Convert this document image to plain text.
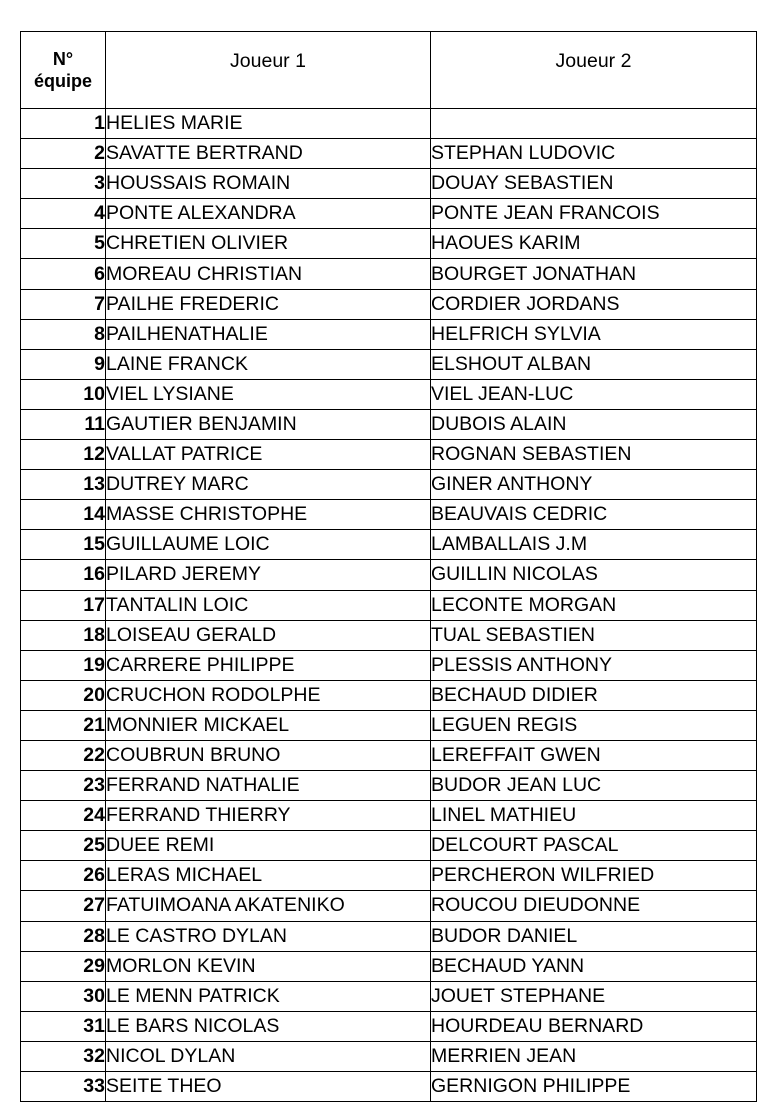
N°
équipe	Joueur 1	Joueur 2
1	HELIES MARIE	
2	SAVATTE BERTRAND	STEPHAN LUDOVIC
3	HOUSSAIS ROMAIN	DOUAY SEBASTIEN
4	PONTE ALEXANDRA	PONTE JEAN FRANCOIS
5	CHRETIEN OLIVIER	HAOUES KARIM
6	MOREAU CHRISTIAN	BOURGET JONATHAN
7	PAILHE FREDERIC	CORDIER JORDANS
8	PAILHENATHALIE	HELFRICH SYLVIA
9	LAINE FRANCK	ELSHOUT ALBAN
10	VIEL LYSIANE	VIEL JEAN-LUC
11	GAUTIER BENJAMIN	DUBOIS ALAIN
12	VALLAT PATRICE	ROGNAN SEBASTIEN
13	DUTREY MARC	GINER ANTHONY
14	MASSE CHRISTOPHE	BEAUVAIS CEDRIC
15	GUILLAUME LOIC	LAMBALLAIS J.M
16	PILARD JEREMY	GUILLIN NICOLAS
17	TANTALIN LOIC	LECONTE MORGAN
18	LOISEAU GERALD	TUAL SEBASTIEN
19	CARRERE PHILIPPE	PLESSIS ANTHONY
20	CRUCHON RODOLPHE	BECHAUD DIDIER
21	MONNIER MICKAEL	LEGUEN REGIS
22	COUBRUN BRUNO	LEREFFAIT GWEN
23	FERRAND NATHALIE	BUDOR JEAN LUC
24	FERRAND THIERRY	LINEL MATHIEU
25	DUEE REMI	DELCOURT PASCAL
26	LERAS MICHAEL	PERCHERON WILFRIED
27	FATUIMOANA AKATENIKO	ROUCOU DIEUDONNE
28	LE CASTRO DYLAN	BUDOR DANIEL
29	MORLON KEVIN	BECHAUD YANN
30	LE MENN PATRICK	JOUET STEPHANE
31	LE BARS NICOLAS	HOURDEAU BERNARD
32	NICOL DYLAN	MERRIEN JEAN
33	SEITE THEO	GERNIGON PHILIPPE
